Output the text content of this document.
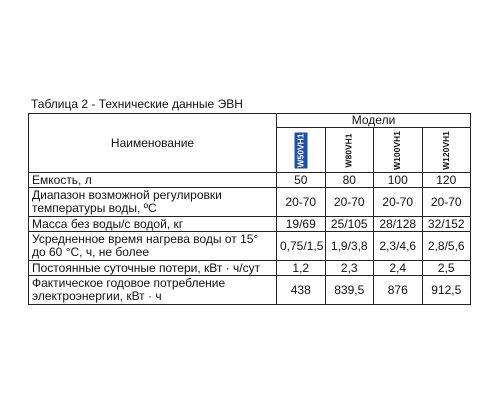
Таблица 2 - Технические данные ЭВН
Наименование	Модели			
	W50VH1	W80VH1	W100VH1	W120VH1
Емкость, л	50	80	100	120
Диапазон возможной регулировки температуры воды, ºC	20-70	20-70	20-70	20-70
Масса без воды/с водой, кг	19/69	25/105	28/128	32/152
Усредненное время нагрева воды от 15° до 60 °C, ч, не более	0,75/1,5	1,9/3,8	2,3/4,6	2,8/5,6
Постоянные суточные потери, кВт · ч/сут	1,2	2,3	2,4	2,5
Фактическое годовое потребление электроэнергии, кВт · ч	438	839,5	876	912,5
